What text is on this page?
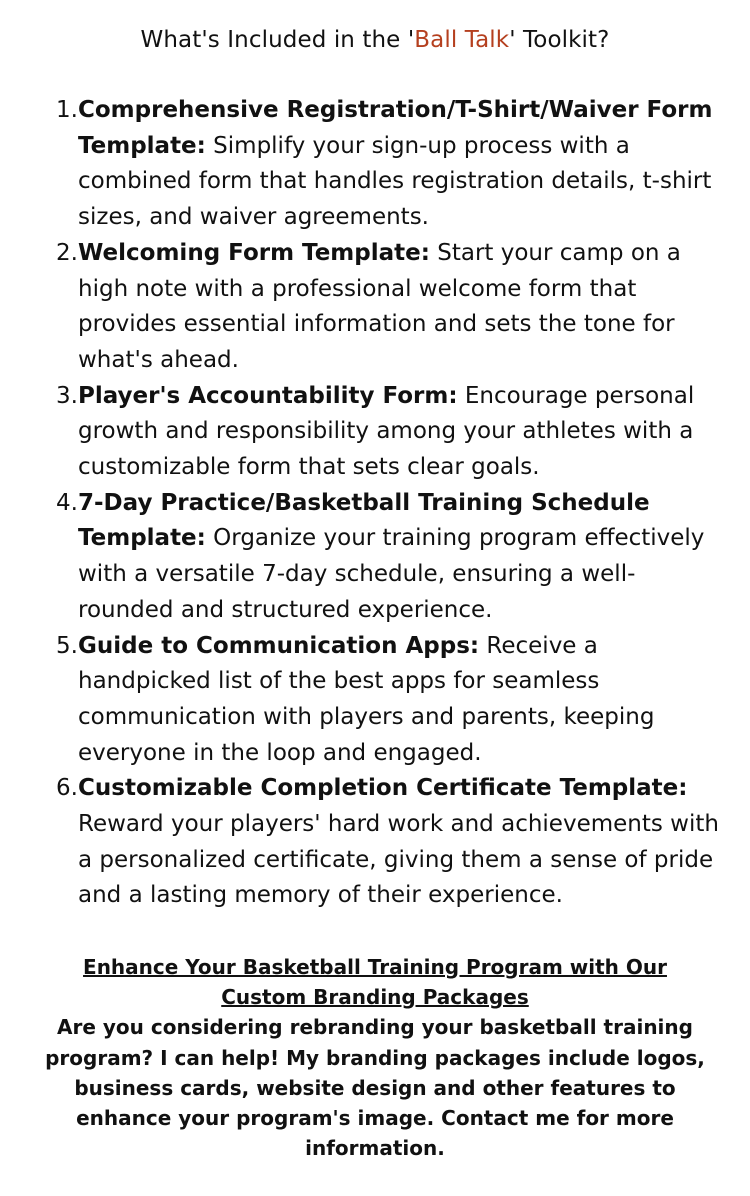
What's Included in the 'Ball Talk' Toolkit?
1. Comprehensive Registration/T-Shirt/Waiver Form Template: Simplify your sign-up process with a combined form that handles registration details, t-shirt sizes, and waiver agreements.
2. Welcoming Form Template: Start your camp on a high note with a professional welcome form that provides essential information and sets the tone for what's ahead.
3. Player's Accountability Form: Encourage personal growth and responsibility among your athletes with a customizable form that sets clear goals.
4. 7-Day Practice/Basketball Training Schedule Template: Organize your training program effectively with a versatile 7-day schedule, ensuring a well-rounded and structured experience.
5. Guide to Communication Apps: Receive a handpicked list of the best apps for seamless communication with players and parents, keeping everyone in the loop and engaged.
6. Customizable Completion Certificate Template: Reward your players' hard work and achievements with a personalized certificate, giving them a sense of pride and a lasting memory of their experience.

Enhance Your Basketball Training Program with Our Custom Branding Packages

Are you considering rebranding your basketball training program? I can help! My branding packages include logos, business cards, website design and other features to enhance your program's image. Contact me for more information.
